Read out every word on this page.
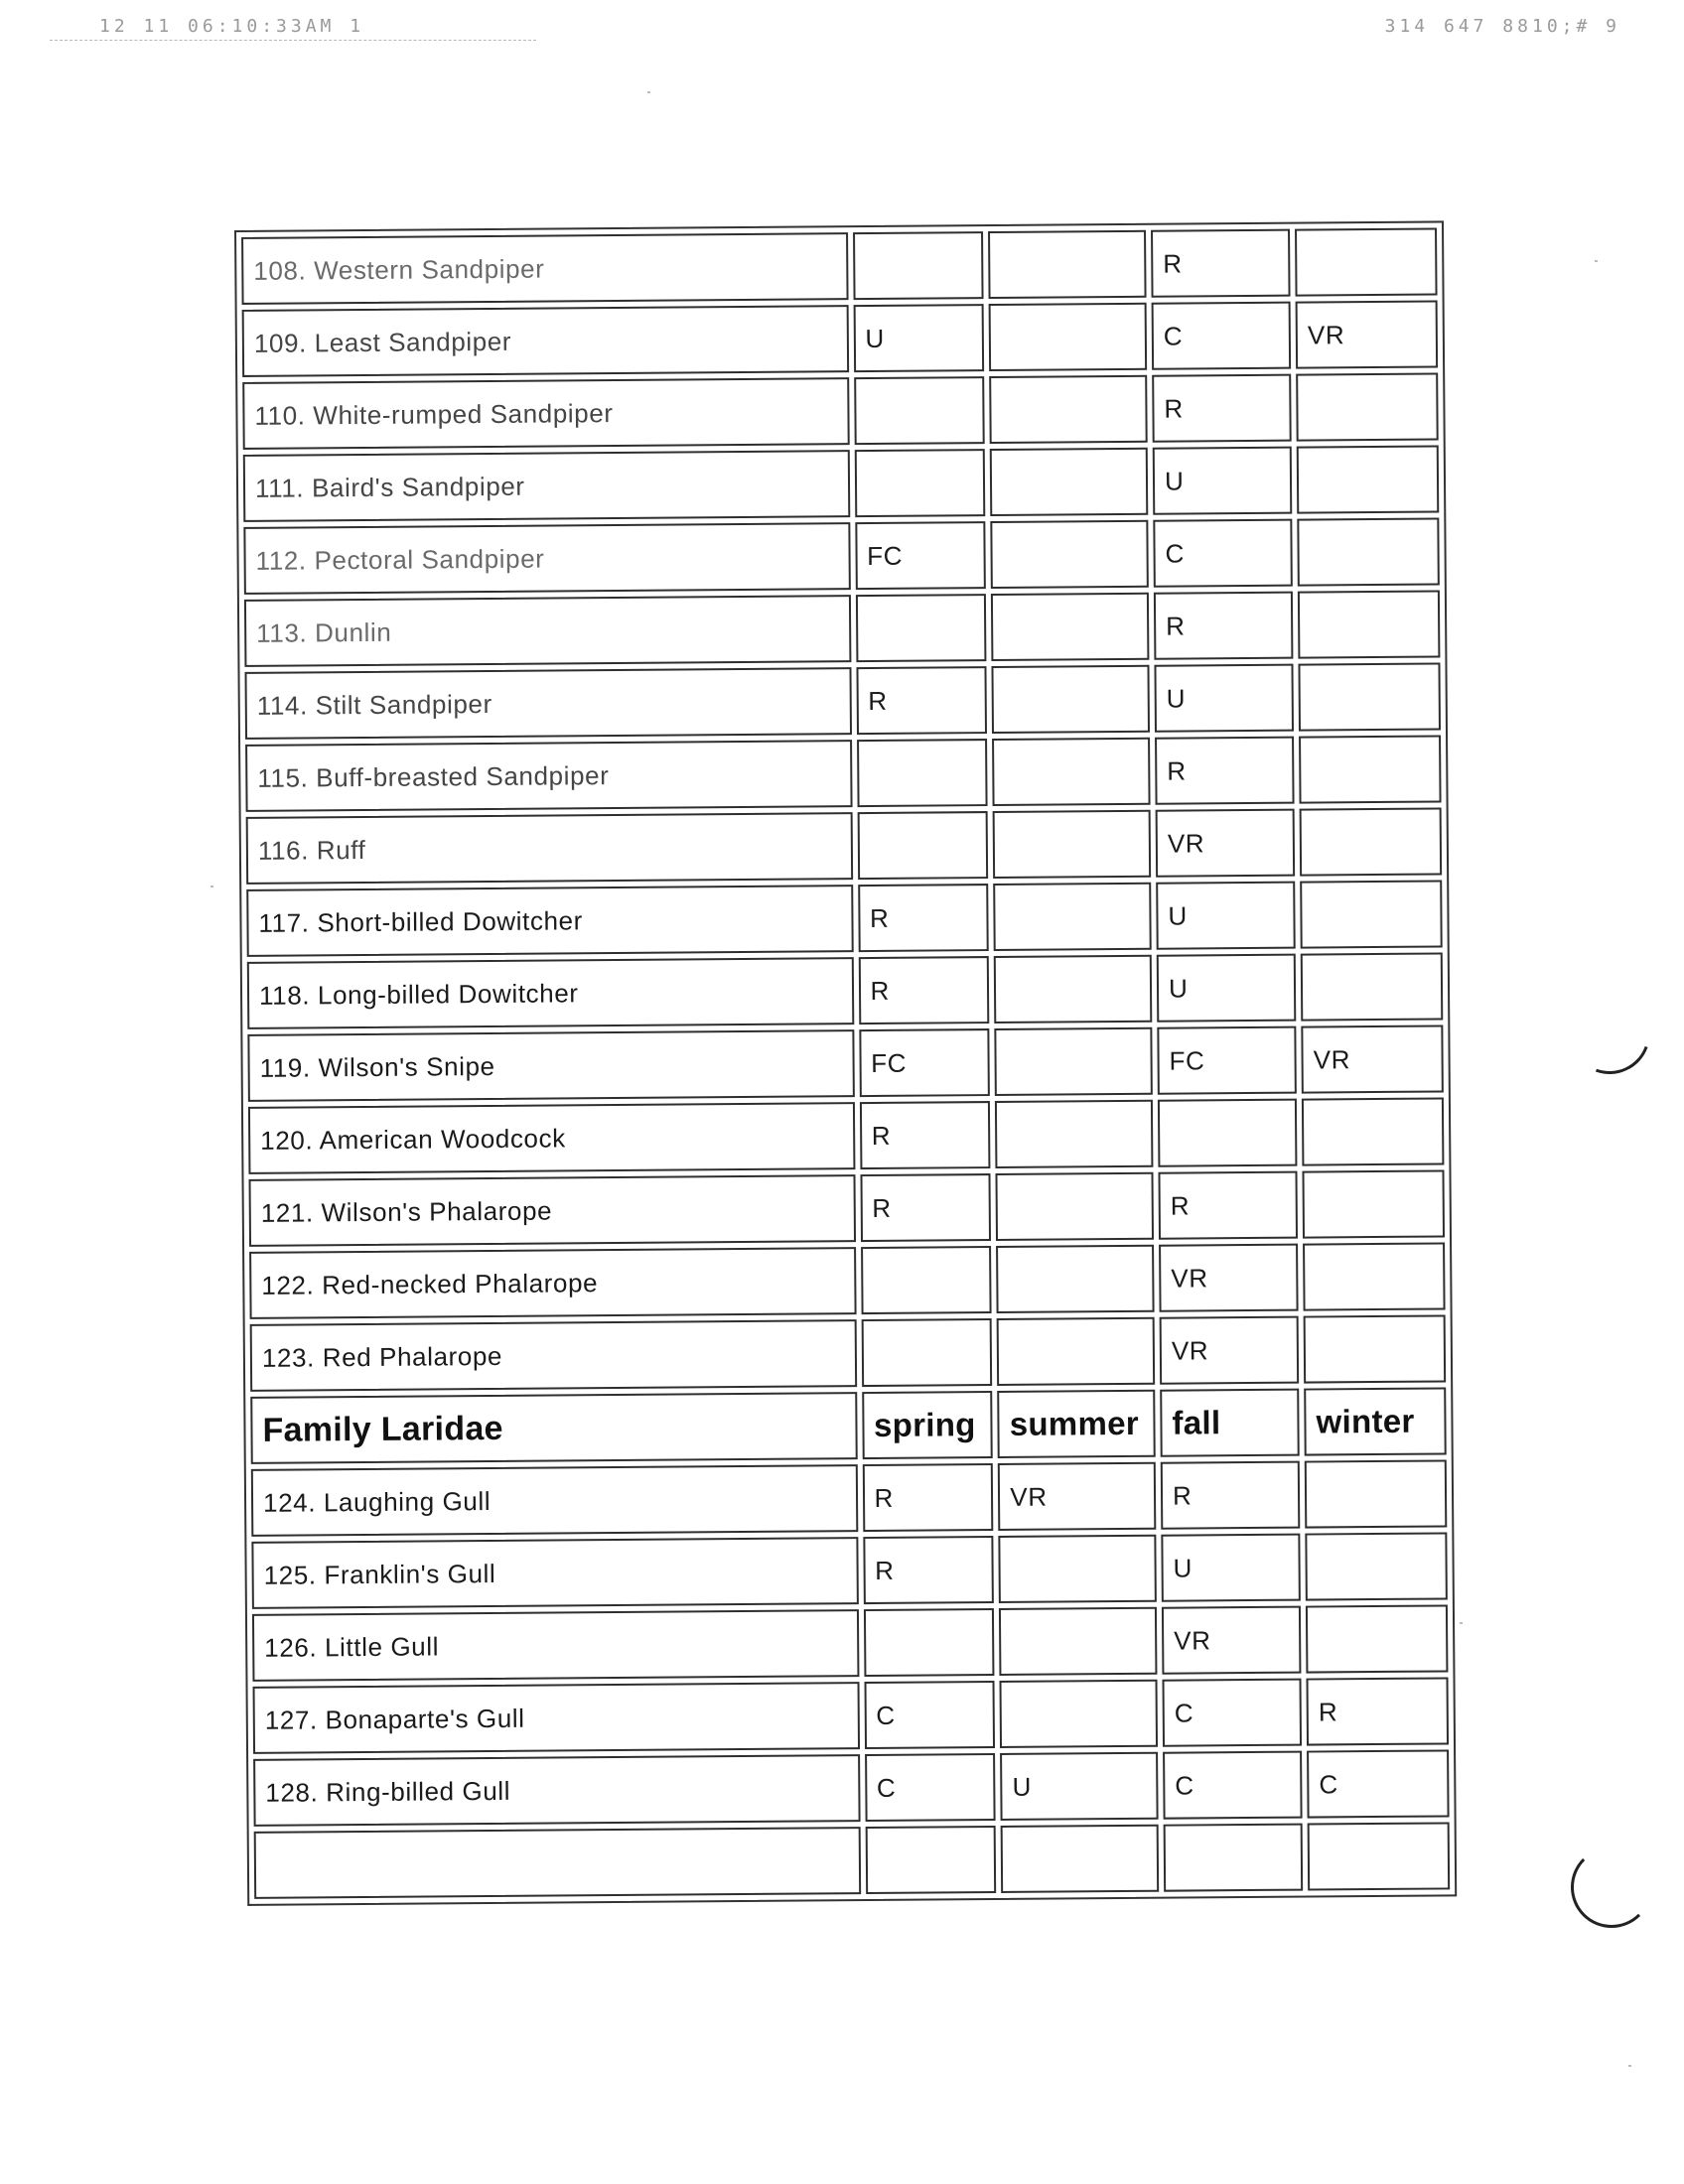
12 11 06:10:33AM 1	314 647 8810;# 9
108. Western Sandpiper			R	
109. Least Sandpiper	U		C	VR
110. White-rumped Sandpiper			R	
111. Baird's Sandpiper			U	
112. Pectoral Sandpiper	FC		C	
113. Dunlin			R	
114. Stilt Sandpiper	R		U	
115. Buff-breasted Sandpiper			R	
116. Ruff			VR	
117. Short-billed Dowitcher	R		U	
118. Long-billed Dowitcher	R		U	
119. Wilson's Snipe	FC		FC	VR
120. American Woodcock	R			
121. Wilson's Phalarope	R		R	
122. Red-necked Phalarope			VR	
123. Red Phalarope			VR	
Family Laridae	spring	summer	fall	winter
124. Laughing Gull	R	VR	R	
125. Franklin's Gull	R		U	
126. Little Gull			VR	
127. Bonaparte's Gull	C		C	R
128. Ring-billed Gull	C	U	C	C
